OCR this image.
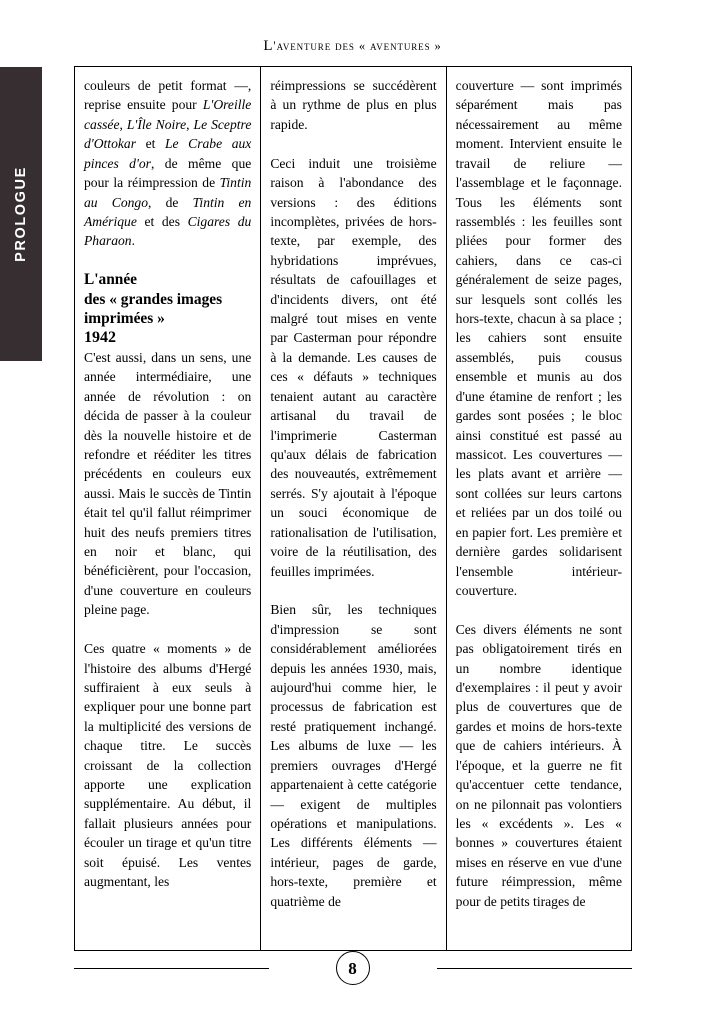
L'aventure des « aventures »
PROLOGUE

couleurs de petit format —, reprise ensuite pour L'Oreille cassée, L'Île Noire, Le Sceptre d'Ottokar et Le Crabe aux pinces d'or, de même que pour la réimpression de Tintin au Congo, de Tintin en Amérique et des Cigares du Pharaon.

L'année
des « grandes images
imprimées »
1942

C'est aussi, dans un sens, une année intermédiaire, une année de révolution : on décida de passer à la couleur dès la nouvelle histoire et de refondre et rééditer les titres précédents en couleurs eux aussi. Mais le succès de Tintin était tel qu'il fallut réimprimer huit des neufs premiers titres en noir et blanc, qui bénéficièrent, pour l'occasion, d'une couverture en couleurs pleine page.

Ces quatre « moments » de l'histoire des albums d'Hergé suffiraient à eux seuls à expliquer pour une bonne part la multiplicité des versions de chaque titre. Le succès croissant de la collection apporte une explication supplémentaire. Au début, il fallait plusieurs années pour écouler un tirage et qu'un titre soit épuisé. Les ventes augmentant, les

réimpressions se succédèrent à un rythme de plus en plus rapide.

Ceci induit une troisième raison à l'abondance des versions : des éditions incomplètes, privées de hors-texte, par exemple, des hybridations imprévues, résultats de cafouillages et d'incidents divers, ont été malgré tout mises en vente par Casterman pour répondre à la demande. Les causes de ces « défauts » techniques tenaient autant au caractère artisanal du travail de l'imprimerie Casterman qu'aux délais de fabrication des nouveautés, extrêmement serrés. S'y ajoutait à l'époque un souci économique de rationalisation de l'utilisation, voire de la réutilisation, des feuilles imprimées.

Bien sûr, les techniques d'impression se sont considérablement améliorées depuis les années 1930, mais, aujourd'hui comme hier, le processus de fabrication est resté pratiquement inchangé. Les albums de luxe — les premiers ouvrages d'Hergé appartenaient à cette catégorie — exigent de multiples opérations et manipulations. Les différents éléments — intérieur, pages de garde, hors-texte, première et quatrième de

couverture — sont imprimés séparément mais pas nécessairement au même moment. Intervient ensuite le travail de reliure — l'assemblage et le façonnage. Tous les éléments sont rassemblés : les feuilles sont pliées pour former des cahiers, dans ce cas-ci généralement de seize pages, sur lesquels sont collés les hors-texte, chacun à sa place ; les cahiers sont ensuite assemblés, puis cousus ensemble et munis au dos d'une étamine de renfort ; les gardes sont posées ; le bloc ainsi constitué est passé au massicot. Les couvertures — les plats avant et arrière — sont collées sur leurs cartons et reliées par un dos toilé ou en papier fort. Les première et dernière gardes solidarisent l'ensemble intérieur-couverture.

Ces divers éléments ne sont pas obligatoirement tirés en un nombre identique d'exemplaires : il peut y avoir plus de couvertures que de gardes et moins de hors-texte que de cahiers intérieurs. À l'époque, et la guerre ne fit qu'accentuer cette tendance, on ne pilonnait pas volontiers les « excédents ». Les « bonnes » couvertures étaient mises en réserve en vue d'une future réimpression, même pour de petits tirages de

8
